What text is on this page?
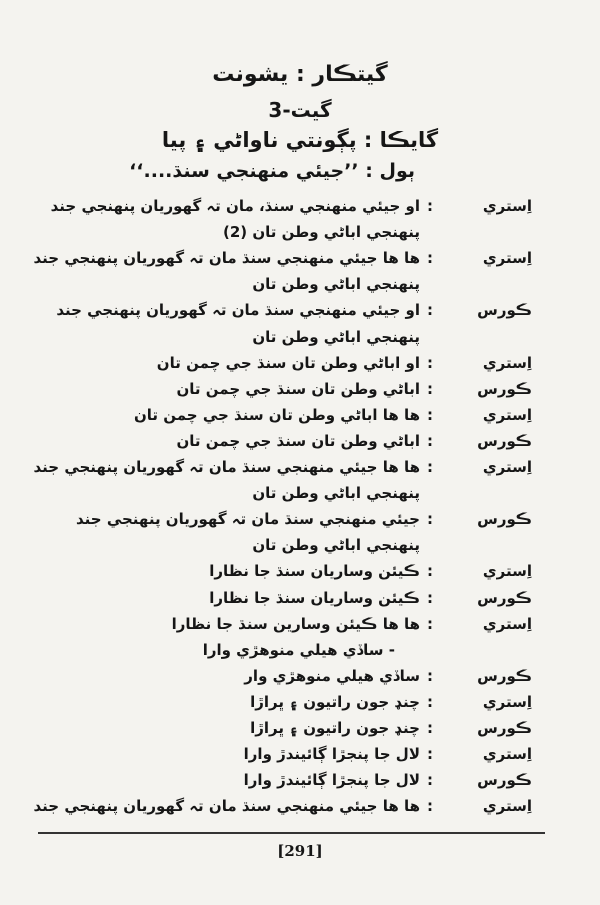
گيتڪار : يشونت
گيت-3
گايڪا : پڳونتي ناواڻي ۽ پيا
ٻول : ’’جيئي منهنجي سنڌ....‘‘
اِستري
:
او جيئي منهنجي سنڌ، مان تہ گهوريان پنهنجي جند
پنهنجي اباڻي وطن تان (2)
اِستري
:
ها ها جيئي منهنجي سنڌ مان تہ گهوريان پنهنجي جند
پنهنجي اباڻي وطن تان
ڪورس
:
او جيئي منهنجي سنڌ مان تہ گهوريان پنهنجي جند
پنهنجي اباڻي وطن تان
اِستري
:
او اباڻي وطن تان سنڌ جي چمن تان
ڪورس
:
اباڻي وطن تان سنڌ جي چمن تان
اِستري
:
ها ها اباڻي وطن تان سنڌ جي چمن تان
ڪورس
:
اباڻي وطن تان سنڌ جي چمن تان
اِستري
:
ها ها جيئي منهنجي سنڌ مان تہ گهوريان پنهنجي جند
پنهنجي اباڻي وطن تان
ڪورس
:
جيئي منهنجي سنڌ مان تہ گهوريان پنهنجي جند
پنهنجي اباڻي وطن تان
اِستري
:
ڪيئن وساريان سنڌ جا نظارا
ڪورس
:
ڪيئن وساريان سنڌ جا نظارا
اِستري
:
ها ها ڪيئن وسارين سنڌ جا نظارا
- ساڏي هيلي منوهڙي وارا
ڪورس
:
ساڏي هيلي منوهڙي وار
اِستري
:
چنډ جون راتيون ۽ ڀراڙا
ڪورس
:
چنډ جون راتيون ۽ ڀراڙا
اِستري
:
لال جا پنجڙا ڳائيندڙ وارا
ڪورس
:
لال جا پنجڙا ڳائيندڙ وارا
اِستري
:
ها ها جيئي منهنجي سنڌ مان تہ گهوريان پنهنجي جند
[291]
